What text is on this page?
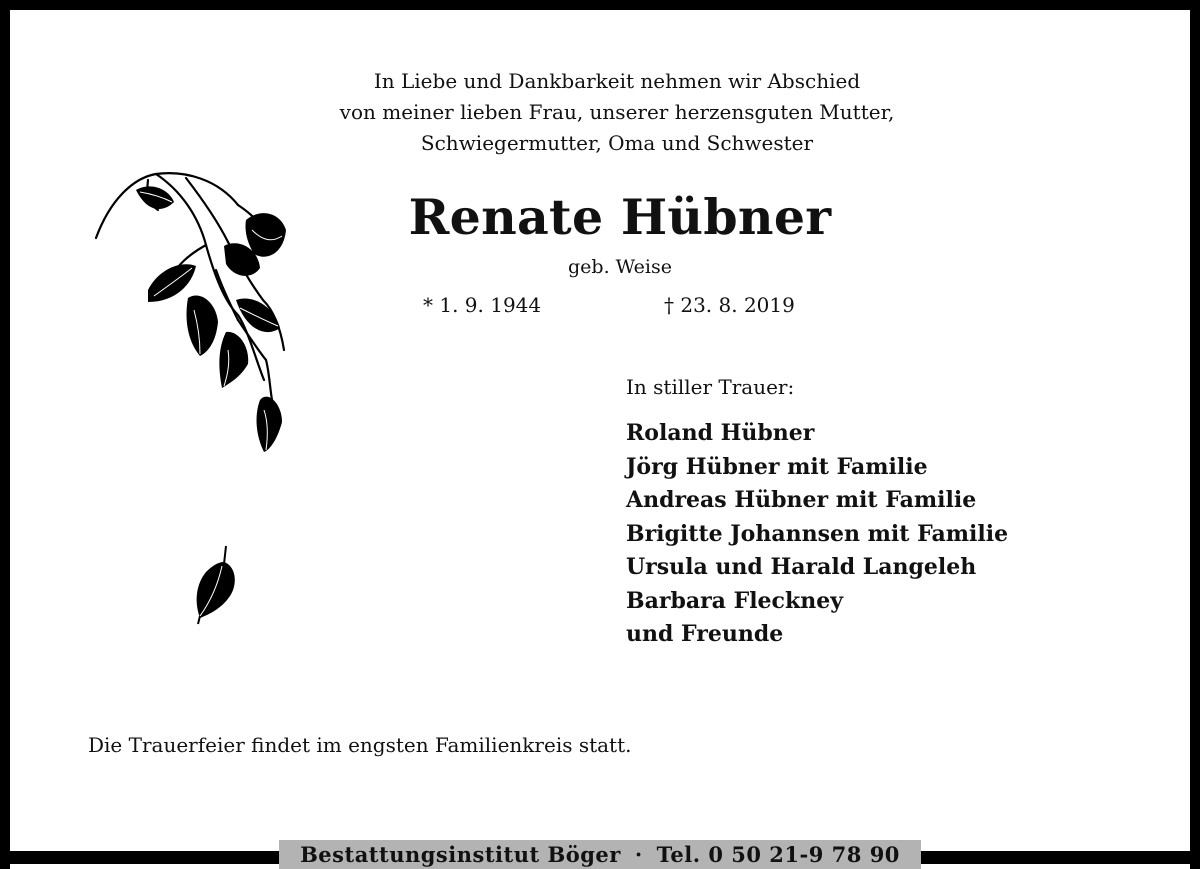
In Liebe und Dankbarkeit nehmen wir Abschied
von meiner lieben Frau, unserer herzensguten Mutter,
Schwiegermutter, Oma und Schwester
Renate Hübner
geb. Weise
* 1. 9. 1944	† 23. 8. 2019
In stiller Trauer:
Roland Hübner
Jörg Hübner mit Familie
Andreas Hübner mit Familie
Brigitte Johannsen mit Familie
Ursula und Harald Langeleh
Barbara Fleckney
und Freunde
Die Trauerfeier findet im engsten Familienkreis statt.
Bestattungsinstitut Böger · Tel. 0 50 21-9 78 90
